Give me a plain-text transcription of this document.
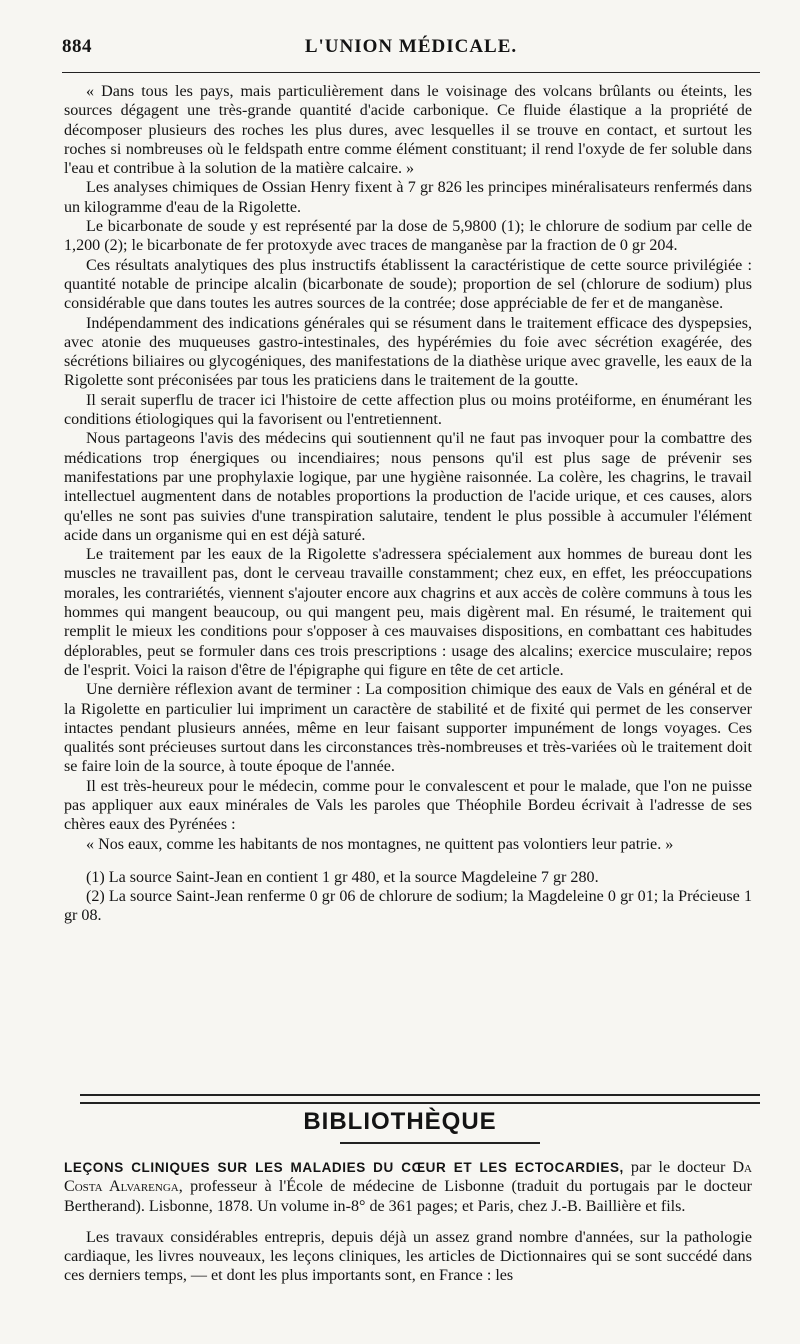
884	L'UNION MÉDICALE.

« Dans tous les pays, mais particulièrement dans le voisinage des volcans brûlants ou éteints, les sources dégagent une très-grande quantité d'acide carbonique. Ce fluide élastique a la propriété de décomposer plusieurs des roches les plus dures, avec lesquelles il se trouve en contact, et surtout les roches si nombreuses où le feldspath entre comme élément constituant; il rend l'oxyde de fer soluble dans l'eau et contribue à la solution de la matière calcaire. »

Les analyses chimiques de Ossian Henry fixent à 7 gr 826 les principes minéralisateurs renfermés dans un kilogramme d'eau de la Rigolette.

Le bicarbonate de soude y est représenté par la dose de 5,9800 (1); le chlorure de sodium par celle de 1,200 (2); le bicarbonate de fer protoxyde avec traces de manganèse par la fraction de 0 gr 204.

Ces résultats analytiques des plus instructifs établissent la caractéristique de cette source privilégiée : quantité notable de principe alcalin (bicarbonate de soude); proportion de sel (chlorure de sodium) plus considérable que dans toutes les autres sources de la contrée; dose appréciable de fer et de manganèse.

Indépendamment des indications générales qui se résument dans le traitement efficace des dyspepsies, avec atonie des muqueuses gastro-intestinales, des hypérémies du foie avec sécrétion exagérée, des sécrétions biliaires ou glycogéniques, des manifestations de la diathèse urique avec gravelle, les eaux de la Rigolette sont préconisées par tous les praticiens dans le traitement de la goutte.

Il serait superflu de tracer ici l'histoire de cette affection plus ou moins protéiforme, en énumérant les conditions étiologiques qui la favorisent ou l'entretiennent.

Nous partageons l'avis des médecins qui soutiennent qu'il ne faut pas invoquer pour la combattre des médications trop énergiques ou incendiaires; nous pensons qu'il est plus sage de prévenir ses manifestations par une prophylaxie logique, par une hygiène raisonnée. La colère, les chagrins, le travail intellectuel augmentent dans de notables proportions la production de l'acide urique, et ces causes, alors qu'elles ne sont pas suivies d'une transpiration salutaire, tendent le plus possible à accumuler l'élément acide dans un organisme qui en est déjà saturé.

Le traitement par les eaux de la Rigolette s'adressera spécialement aux hommes de bureau dont les muscles ne travaillent pas, dont le cerveau travaille constamment; chez eux, en effet, les préoccupations morales, les contrariétés, viennent s'ajouter encore aux chagrins et aux accès de colère communs à tous les hommes qui mangent beaucoup, ou qui mangent peu, mais digèrent mal. En résumé, le traitement qui remplit le mieux les conditions pour s'opposer à ces mauvaises dispositions, en combattant ces habitudes déplorables, peut se formuler dans ces trois prescriptions : usage des alcalins; exercice musculaire; repos de l'esprit. Voici la raison d'être de l'épigraphe qui figure en tête de cet article.

Une dernière réflexion avant de terminer : La composition chimique des eaux de Vals en général et de la Rigolette en particulier lui impriment un caractère de stabilité et de fixité qui permet de les conserver intactes pendant plusieurs années, même en leur faisant supporter impunément de longs voyages. Ces qualités sont précieuses surtout dans les circonstances très-nombreuses et très-variées où le traitement doit se faire loin de la source, à toute époque de l'année.

Il est très-heureux pour le médecin, comme pour le convalescent et pour le malade, que l'on ne puisse pas appliquer aux eaux minérales de Vals les paroles que Théophile Bordeu écrivait à l'adresse de ses chères eaux des Pyrénées :

« Nos eaux, comme les habitants de nos montagnes, ne quittent pas volontiers leur patrie. »

(1) La source Saint-Jean en contient 1 gr 480, et la source Magdeleine 7 gr 280.

(2) La source Saint-Jean renferme 0 gr 06 de chlorure de sodium; la Magdeleine 0 gr 01; la Précieuse 1 gr 08.

BIBLIOTHÈQUE

LEÇONS CLINIQUES SUR LES MALADIES DU CŒUR ET LES ECTOCARDIES, par le docteur Da Costa Alvarenga, professeur à l'École de médecine de Lisbonne (traduit du portugais par le docteur Bertherand). Lisbonne, 1878. Un volume in-8° de 361 pages; et Paris, chez J.-B. Baillière et fils.

Les travaux considérables entrepris, depuis déjà un assez grand nombre d'années, sur la pathologie cardiaque, les livres nouveaux, les leçons cliniques, les articles de Dictionnaires qui se sont succédé dans ces derniers temps, — et dont les plus importants sont, en France : les
